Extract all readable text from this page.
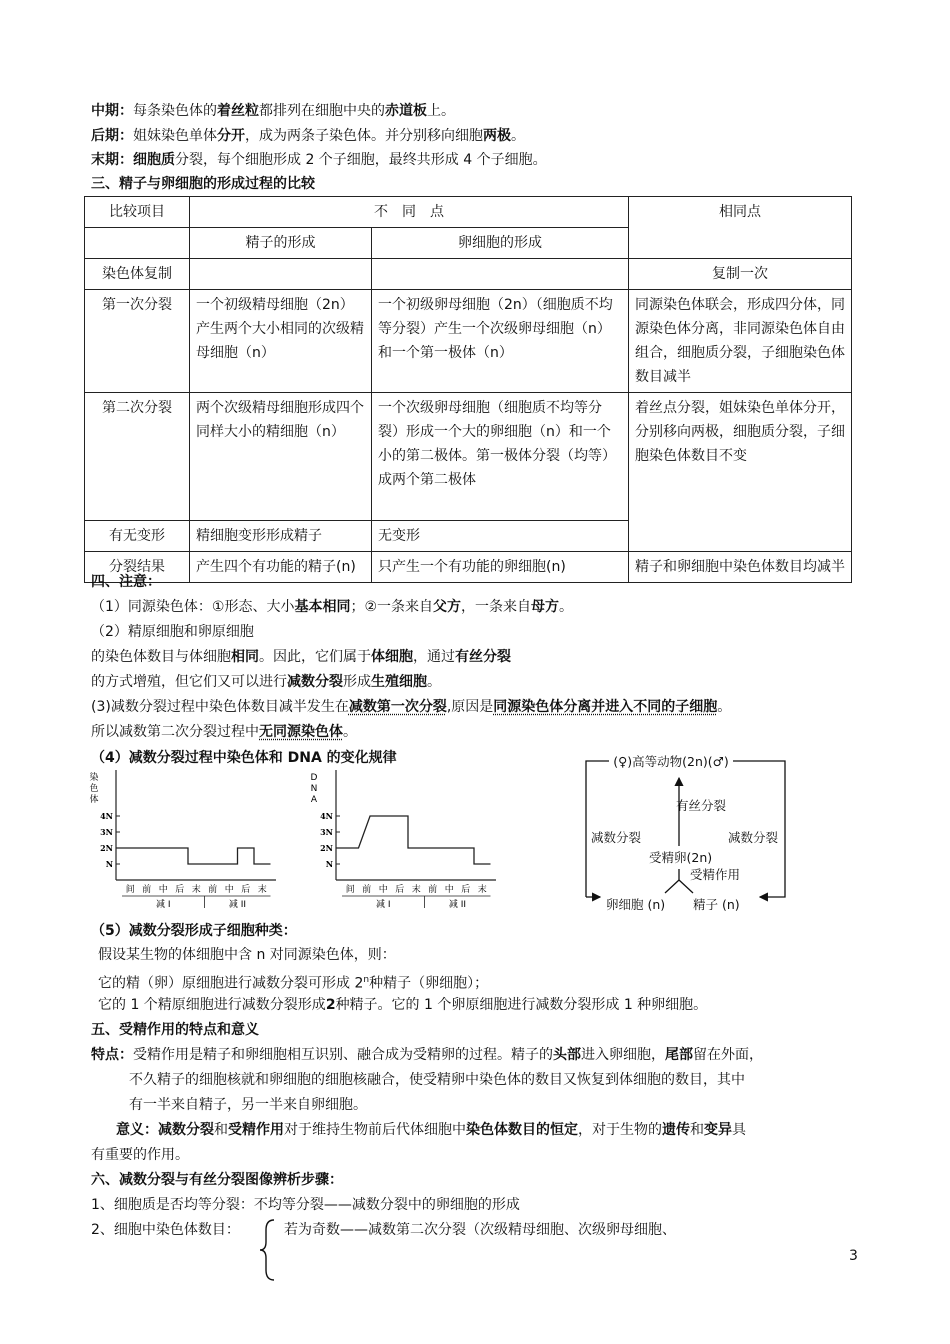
中期：每条染色体的着丝粒都排列在细胞中央的赤道板上。
后期：姐妹染色单体分开，成为两条子染色体。并分别移向细胞两极。
末期：细胞质分裂，每个细胞形成 2 个子细胞，最终共形成 4 个子细胞。
三、精子与卵细胞的形成过程的比较
比较项目	不　同　点		相同点
	精子的形成	卵细胞的形成	
染色体复制			复制一次
第一次分裂	一个初级精母细胞（2n）产生两个大小相同的次级精母细胞（n）	一个初级卵母细胞（2n）（细胞质不均等分裂）产生一个次级卵母细胞（n）和一个第一极体（n）	同源染色体联会，形成四分体，同源染色体分离，非同源染色体自由组合，细胞质分裂，子细胞染色体数目减半
第二次分裂	两个次级精母细胞形成四个同样大小的精细胞（n）	一个次级卵母细胞（细胞质不均等分裂）形成一个大的卵细胞（n）和一个小的第二极体。第一极体分裂（均等）成两个第二极体	着丝点分裂，姐妹染色单体分开，分别移向两极，细胞质分裂，子细胞染色体数目不变
有无变形	精细胞变形形成精子	无变形	
分裂结果	产生四个有功能的精子(n)	只产生一个有功能的卵细胞(n)	精子和卵细胞中染色体数目均减半
四、注意：
（1）同源染色体：①形态、大小基本相同；②一条来自父方，一条来自母方。
（2）精原细胞和卵原细胞
的染色体数目与体细胞相同。因此，它们属于体细胞，通过有丝分裂
的方式增殖，但它们又可以进行减数分裂形成生殖细胞。
(3)减数分裂过程中染色体数目减半发生在减数第一次分裂,原因是同源染色体分离并进入不同的子细胞。
所以减数第二次分裂过程中无同源染色体。
（4）减数分裂过程中染色体和 DNA 的变化规律
染
色
体
4N
3N
2N
N
间 前 中 后 末 前 中 后 末
减 I	减 II
D
N
A
4N
3N
2N
N
间 前 中 后 末 前 中 后 末
减 I	减 II
(♀)高等动物(2n)(♂)
有丝分裂
减数分裂	减数分裂
受精卵(2n)
受精作用
卵细胞 (n) 精子 (n)
（5）减数分裂形成子细胞种类：
假设某生物的体细胞中含 n 对同源染色体，则：
它的精（卵）原细胞进行减数分裂可形成 2$^n$种精子（卵细胞）；
它的 1 个精原细胞进行减数分裂形成2种精子。它的 1 个卵原细胞进行减数分裂形成 1 种卵细胞。
五、受精作用的特点和意义
特点：受精作用是精子和卵细胞相互识别、融合成为受精卵的过程。精子的头部进入卵细胞，尾部留在外面，
不久精子的细胞核就和卵细胞的细胞核融合，使受精卵中染色体的数目又恢复到体细胞的数目，其中
有一半来自精子，另一半来自卵细胞。
意义：减数分裂和受精作用对于维持生物前后代体细胞中染色体数目的恒定，对于生物的遗传和变异具
有重要的作用。
六、减数分裂与有丝分裂图像辨析步骤：
1、细胞质是否均等分裂：不均等分裂——减数分裂中的卵细胞的形成
2、细胞中染色体数目：	若为奇数——减数第二次分裂（次级精母细胞、次级卵母细胞、
3
